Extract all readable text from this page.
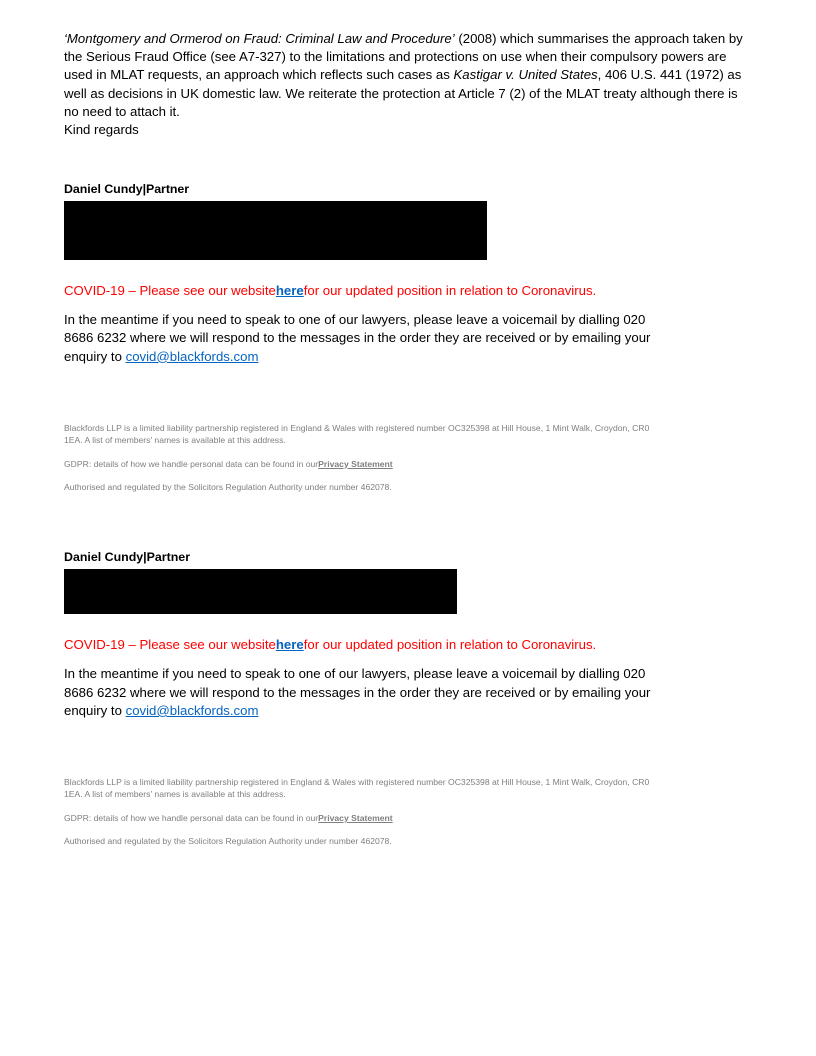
‘Montgomery and Ormerod on Fraud: Criminal Law and Procedure’ (2008) which summarises the approach taken by the Serious Fraud Office (see A7-327) to the limitations and protections on use when their compulsory powers are used in MLAT requests, an approach which reflects such cases as Kastigar v. United States, 406 U.S. 441 (1972) as well as decisions in UK domestic law. We reiterate the protection at Article 7 (2) of the MLAT treaty although there is no need to attach it.

Kind regards

Daniel Cundy|Partner

COVID-19 – Please see our websiteherefor our updated position in relation to Coronavirus.

In the meantime if you need to speak to one of our lawyers, please leave a voicemail by dialling 020 8686 6232 where we will respond to the messages in the order they are received or by emailing your enquiry to covid@blackfords.com

Blackfords LLP is a limited liability partnership registered in England & Wales with registered number OC325398 at Hill House, 1 Mint Walk, Croydon, CR0 1EA. A list of members’ names is available at this address.

GDPR: details of how we handle personal data can be found in ourPrivacy Statement

Authorised and regulated by the Solicitors Regulation Authority under number 462078.

Daniel Cundy|Partner

COVID-19 – Please see our websiteherefor our updated position in relation to Coronavirus.

In the meantime if you need to speak to one of our lawyers, please leave a voicemail by dialling 020 8686 6232 where we will respond to the messages in the order they are received or by emailing your enquiry to covid@blackfords.com

Blackfords LLP is a limited liability partnership registered in England & Wales with registered number OC325398 at Hill House, 1 Mint Walk, Croydon, CR0 1EA. A list of members’ names is available at this address.

GDPR: details of how we handle personal data can be found in ourPrivacy Statement

Authorised and regulated by the Solicitors Regulation Authority under number 462078.
